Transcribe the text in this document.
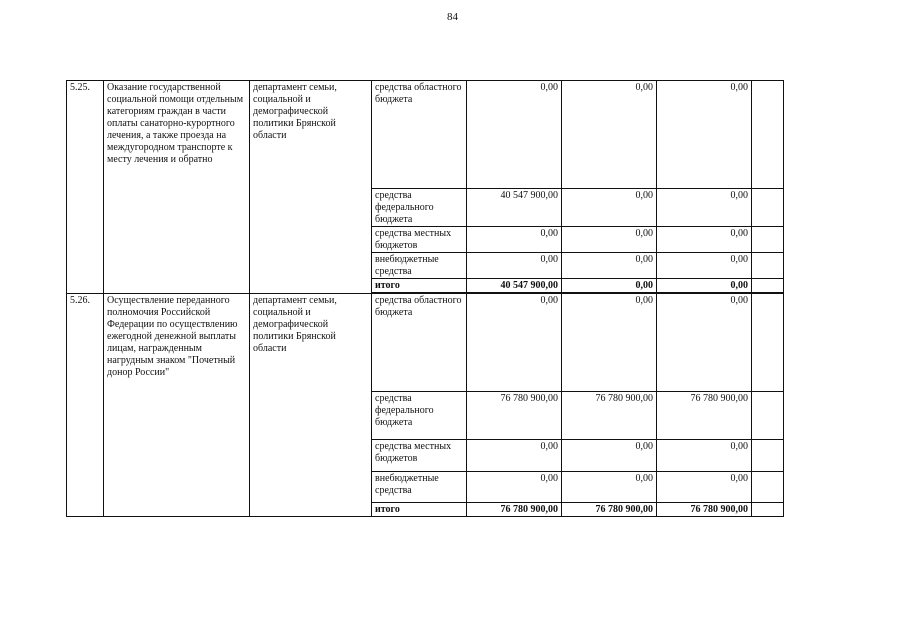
84
5.25.	Оказание государственной социальной помощи отдельным категориям граждан в части оплаты санаторно-курортного лечения, а также проезда на междугородном транспорте к месту лечения и обратно	департамент семьи, социальной и демографической политики Брянской области	средства областного бюджета	0,00	0,00	0,00	
			средства федерального бюджета	40 547 900,00	0,00	0,00	
			средства местных бюджетов	0,00	0,00	0,00	
			внебюджетные средства	0,00	0,00	0,00	
			итого	40 547 900,00	0,00	0,00	
5.26.	Осуществление переданного полномочия Российской Федерации по осуществлению ежегодной денежной выплаты лицам, награжденным нагрудным знаком "Почетный донор России"	департамент семьи, социальной и демографической политики Брянской области	средства областного бюджета	0,00	0,00	0,00	
			средства федерального бюджета	76 780 900,00	76 780 900,00	76 780 900,00	
			средства местных бюджетов	0,00	0,00	0,00	
			внебюджетные средства	0,00	0,00	0,00	
			итого	76 780 900,00	76 780 900,00	76 780 900,00	
